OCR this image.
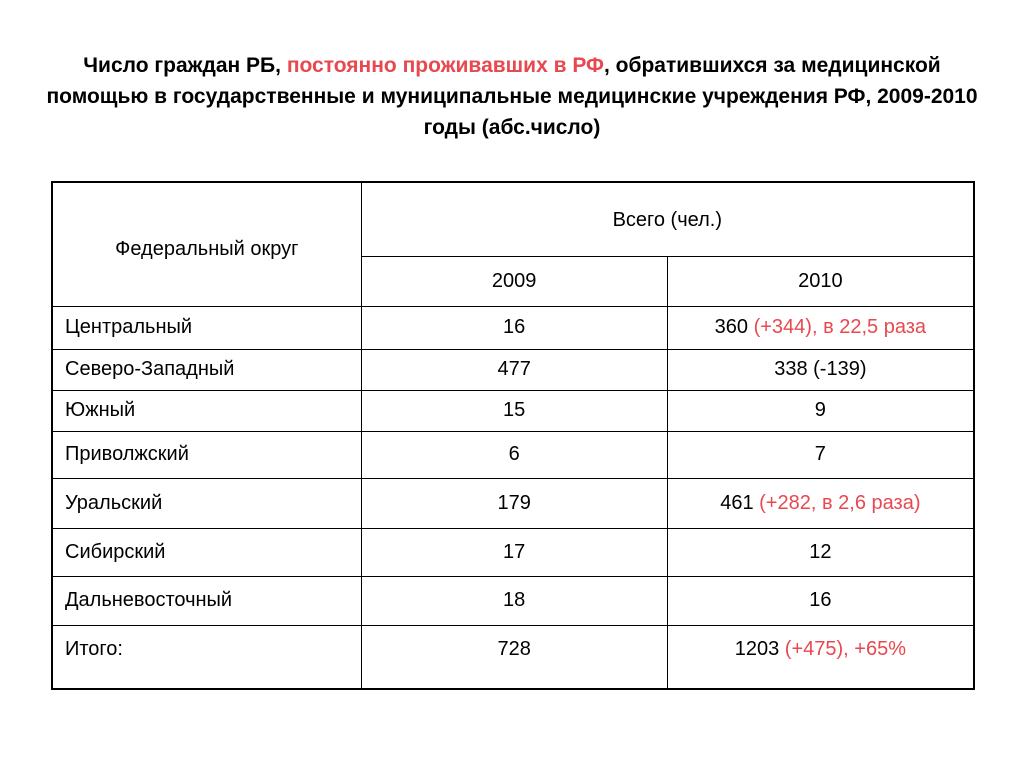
Число граждан РБ, постоянно проживавших в РФ, обратившихся за медицинской помощью в государственные и муниципальные медицинские учреждения РФ, 2009-2010 годы (абс.число)
Федеральный округ	Всего (чел.)	
	2009	2010
Центральный	16	360 (+344), в 22,5 раза
Северо-Западный	477	338 (-139)
Южный	15	9
Приволжский	6	7
Уральский	179	461 (+282, в 2,6 раза)
Сибирский	17	12
Дальневосточный	18	16
Итого:	728	1203 (+475), +65%
